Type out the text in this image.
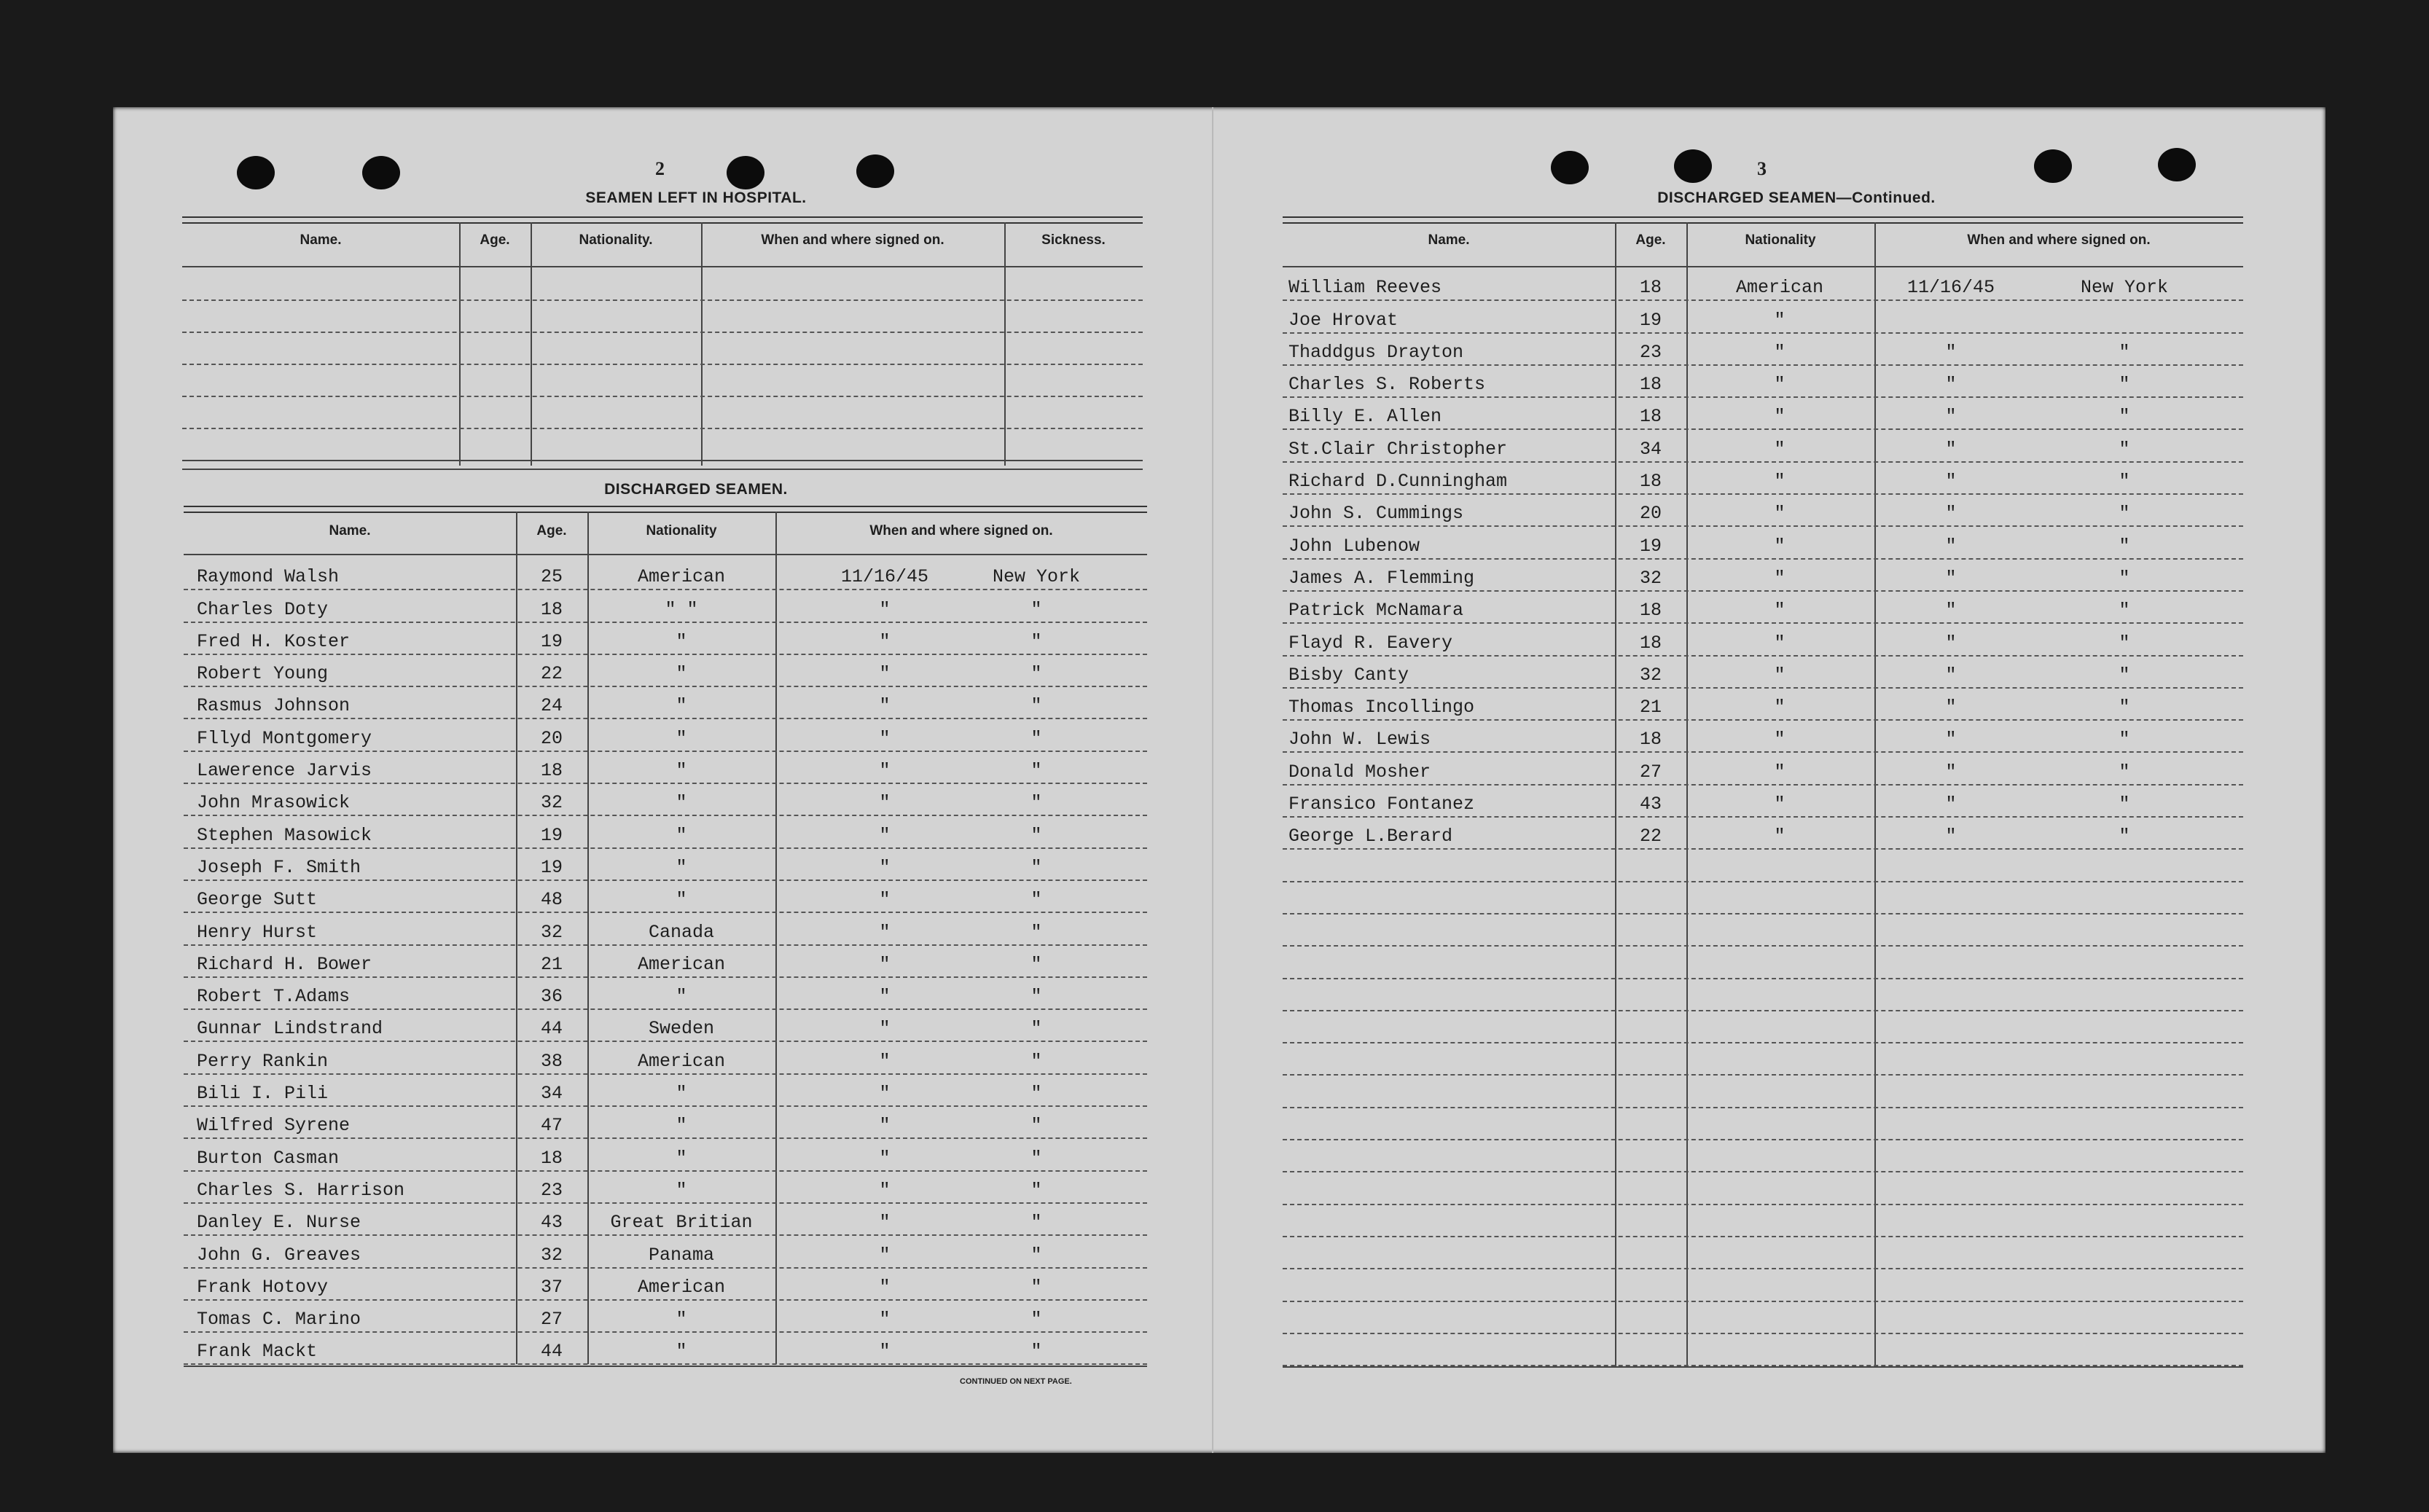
2
SEAMEN LEFT IN HOSPITAL.
Name.	Age.	Nationality.	When and where signed on.	Sickness.
DISCHARGED SEAMEN.
Name.	Age.	Nationality	When and where signed on.
Raymond Walsh	25	American	11/16/45	New York
Charles Doty	18	" "	"	"
Fred H. Koster	19	"	"	"
Robert Young	22	"	"	"
Rasmus Johnson	24	"	"	"
Fllyd Montgomery	20	"	"	"
Lawerence Jarvis	18	"	"	"
John Mrasowick	32	"	"	"
Stephen Masowick	19	"	"	"
Joseph F. Smith	19	"	"	"
George Sutt	48	"	"	"
Henry Hurst	32	Canada	"	"
Richard H. Bower	21	American	"	"
Robert T.Adams	36	"	"	"
Gunnar Lindstrand	44	Sweden	"	"
Perry Rankin	38	American	"	"
Bili I. Pili	34	"	"	"
Wilfred Syrene	47	"	"	"
Burton Casman	18	"	"	"
Charles S. Harrison	23	"	"	"
Danley E. Nurse	43	Great Britian	"	"
John G. Greaves	32	Panama	"	"
Frank Hotovy	37	American	"	"
Tomas C. Marino	27	"	"	"
Frank Mackt	44	"	"	"
CONTINUED ON NEXT PAGE.
3
DISCHARGED SEAMEN—Continued.
Name.	Age.	Nationality	When and where signed on.
William Reeves	18	American	11/16/45	New York
Joe Hrovat	19	"
Thaddgus Drayton	23	"	"	"
Charles S. Roberts	18	"	"	"
Billy E. Allen	18	"	"	"
St.Clair Christopher	34	"	"	"
Richard D.Cunningham	18	"	"	"
John S. Cummings	20	"	"	"
John Lubenow	19	"	"	"
James A. Flemming	32	"	"	"
Patrick McNamara	18	"	"	"
Flayd R. Eavery	18	"	"	"
Bisby Canty	32	"	"	"
Thomas Incollingo	21	"	"	"
John W. Lewis	18	"	"	"
Donald Mosher	27	"	"	"
Fransico Fontanez	43	"	"	"
George L.Berard	22	"	"	"
